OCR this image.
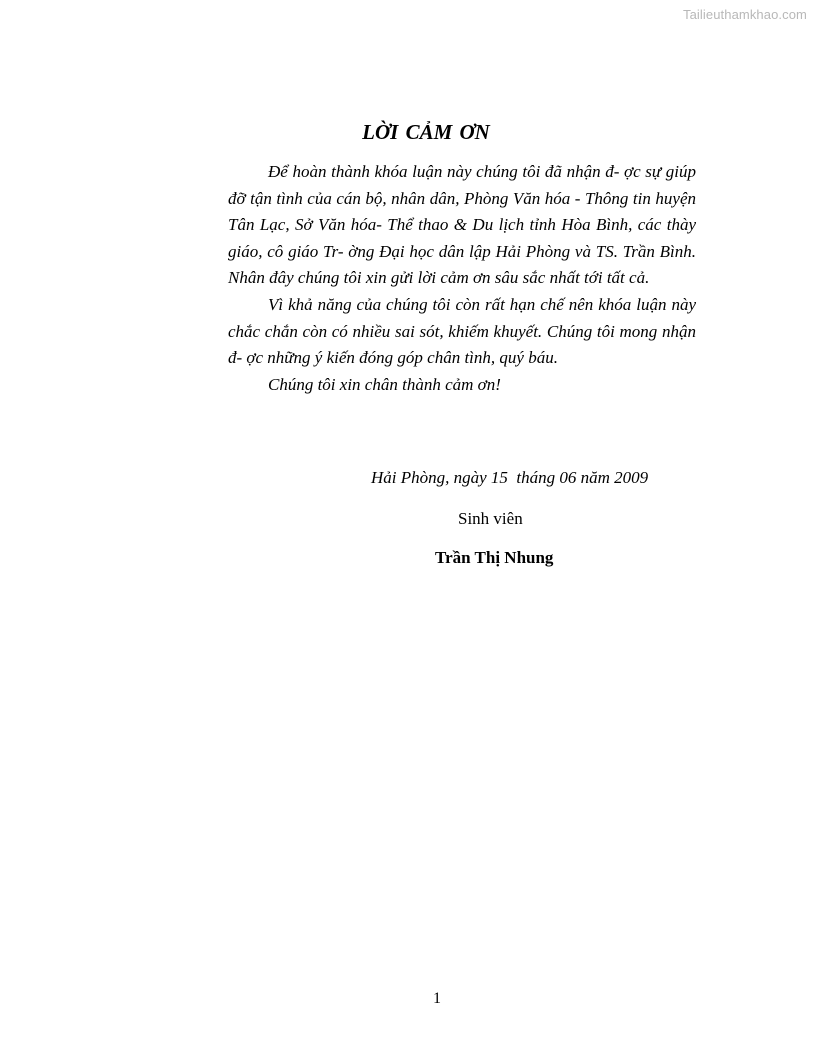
Tailieuthamkhao.com
LỜI CẢM ƠN

Để hoàn thành khóa luận này chúng tôi đã nhận đ- ợc sự giúp đỡ tận tình của cán bộ, nhân dân, Phòng Văn hóa - Thông tin huyện Tân Lạc, Sở Văn hóa- Thể thao & Du lịch tỉnh Hòa Bình, các thày giáo, cô giáo Tr- ờng Đại học dân lập Hải Phòng và TS. Trần Bình. Nhân đây chúng tôi xin gửi lời cảm ơn sâu sắc nhất tới tất cả.

Vì khả năng của chúng tôi còn rất hạn chế nên khóa luận này chắc chắn còn có nhiều sai sót, khiếm khuyết. Chúng tôi mong nhận đ- ợc những ý kiến đóng góp chân tình, quý báu.

Chúng tôi xin chân thành cảm ơn!

Hải Phòng, ngày 15  tháng 06 năm 2009
Sinh viên
Trần Thị Nhung
1
